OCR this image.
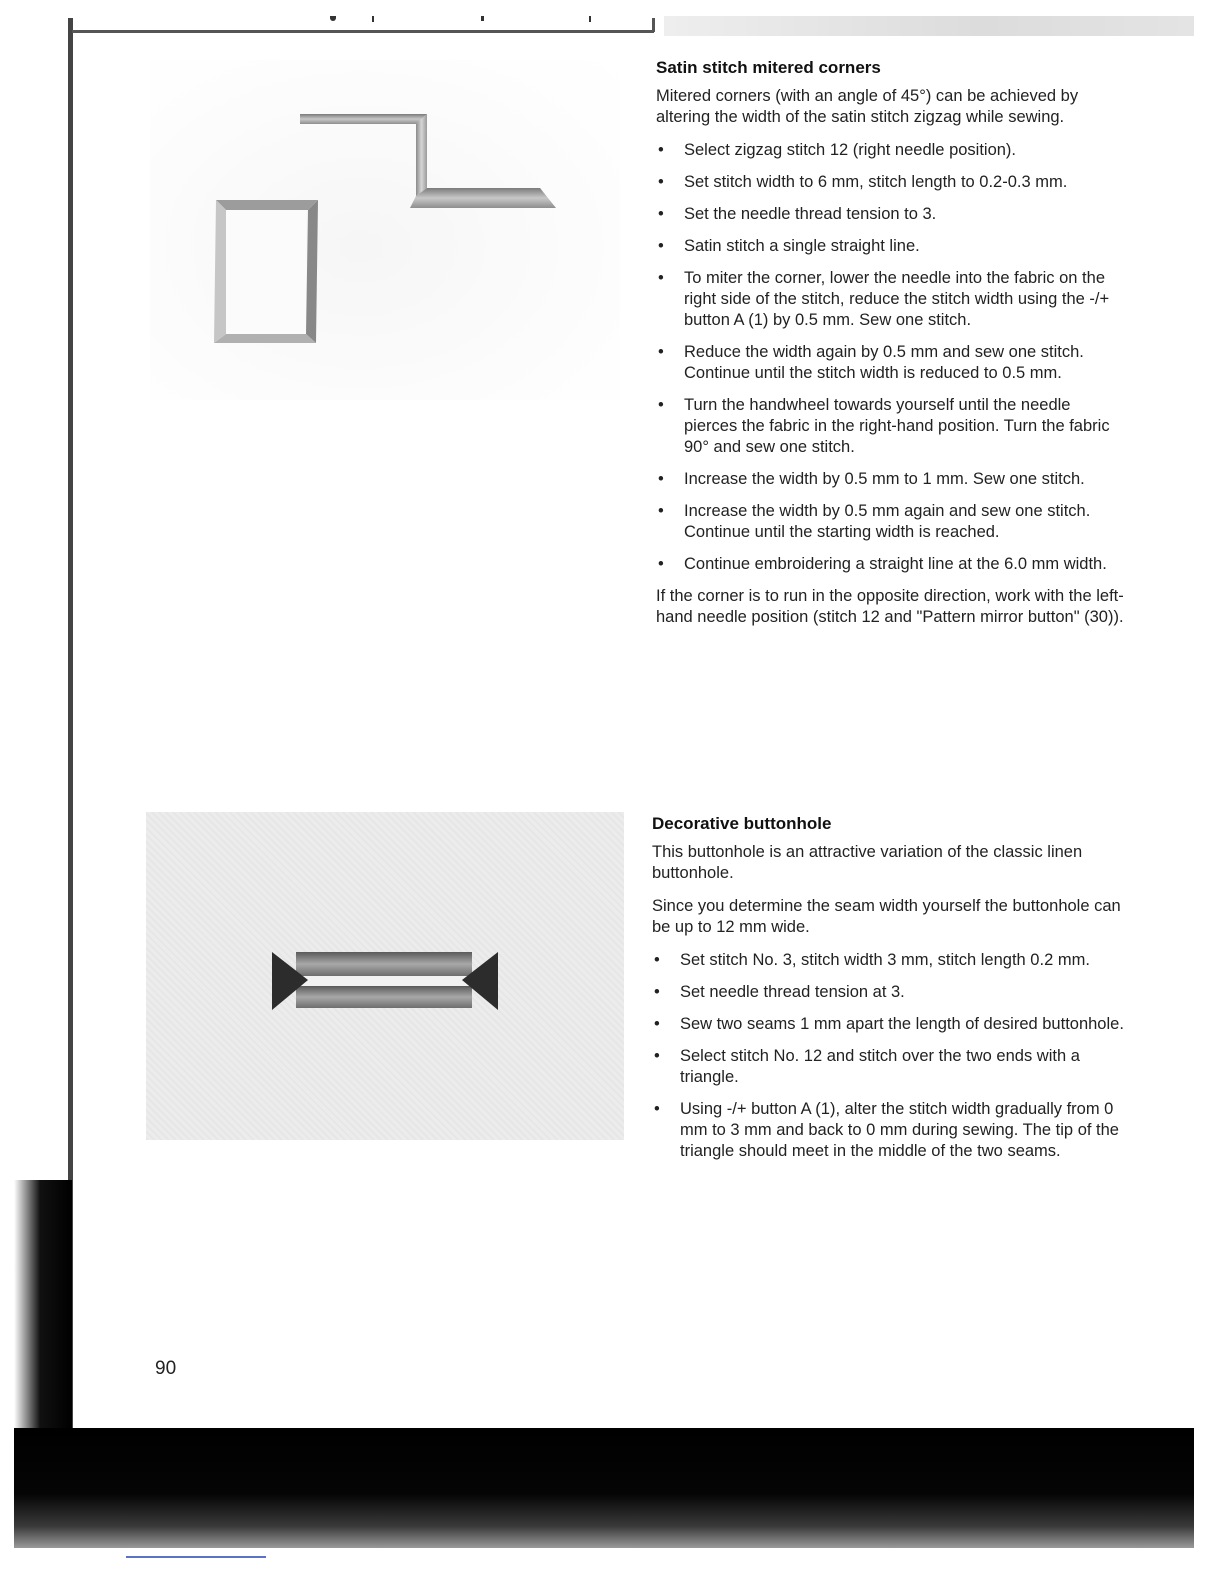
Satin stitch mitered corners

Mitered corners (with an angle of 45°) can be achieved by altering the width of the satin stitch zigzag while sewing.

• Select zigzag stitch 12 (right needle position).
• Set stitch width to 6 mm, stitch length to 0.2-0.3 mm.
• Set the needle thread tension to 3.
• Satin stitch a single straight line.
• To miter the corner, lower the needle into the fabric on the right side of the stitch, reduce the stitch width using the -/+ button A (1) by 0.5 mm. Sew one stitch.
• Reduce the width again by 0.5 mm and sew one stitch. Continue until the stitch width is reduced to 0.5 mm.
• Turn the handwheel towards yourself until the needle pierces the fabric in the right-hand position. Turn the fabric 90° and sew one stitch.
• Increase the width by 0.5 mm to 1 mm. Sew one stitch.
• Increase the width by 0.5 mm again and sew one stitch. Continue until the starting width is reached.
• Continue embroidering a straight line at the 6.0 mm width.

If the corner is to run in the opposite direction, work with the left-hand needle position (stitch 12 and "Pattern mirror button" (30)).

Decorative buttonhole

This buttonhole is an attractive variation of the classic linen buttonhole.

Since you determine the seam width yourself the buttonhole can be up to 12 mm wide.

• Set stitch No. 3, stitch width 3 mm, stitch length 0.2 mm.
• Set needle thread tension at 3.
• Sew two seams 1 mm apart the length of desired buttonhole.
• Select stitch No. 12 and stitch over the two ends with a triangle.
• Using -/+ button A (1), alter the stitch width gradually from 0 mm to 3 mm and back to 0 mm during sewing. The tip of the triangle should meet in the middle of the two seams.
90
